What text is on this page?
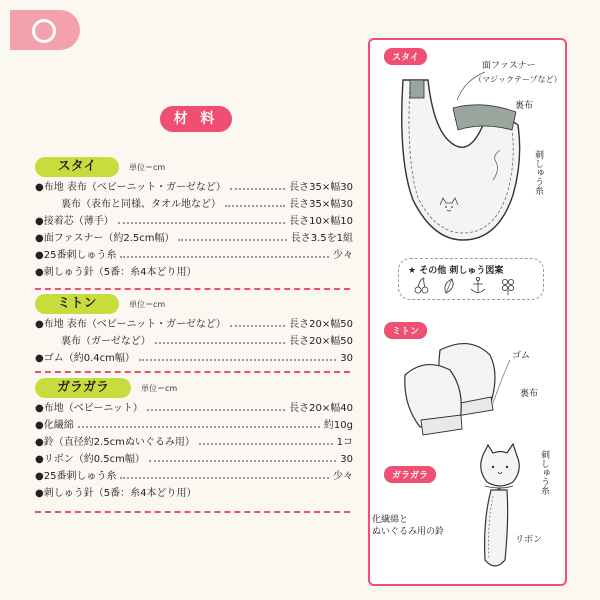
材 料
スタイ	単位＝cm
●布地 表布（ベビーニット・ガーゼなど）	長さ35×幅30
裏布（表布と同様、タオル地など）	長さ35×幅30
●接着芯（薄手）	長さ10×幅10
●面ファスナー（約2.5cm幅）	長さ3.5を1組
●25番刺しゅう糸	少々
●刺しゅう針（5番：糸4本どり用）
ミトン	単位＝cm
●布地 表布（ベビーニット・ガーゼなど）	長さ20×幅50
裏布（ガーゼなど）	長さ20×幅50
●ゴム（約0.4cm幅）	30
ガラガラ	単位＝cm
●布地（ベビーニット）	長さ20×幅40
●化繊綿	約10g
●鈴（直径約2.5cmぬいぐるみ用）	1コ
●リボン（約0.5cm幅）	30
●25番刺しゅう糸	少々
●刺しゅう針（5番：糸4本どり用）
スタイ
面ファスナー
（マジックテープなど）
裏布
刺しゅう糸
★ その他 刺しゅう図案
ミトン
ゴム
裏布
ガラガラ	刺しゅう糸
化繊綿と
ぬいぐるみ用の鈴
リボン
